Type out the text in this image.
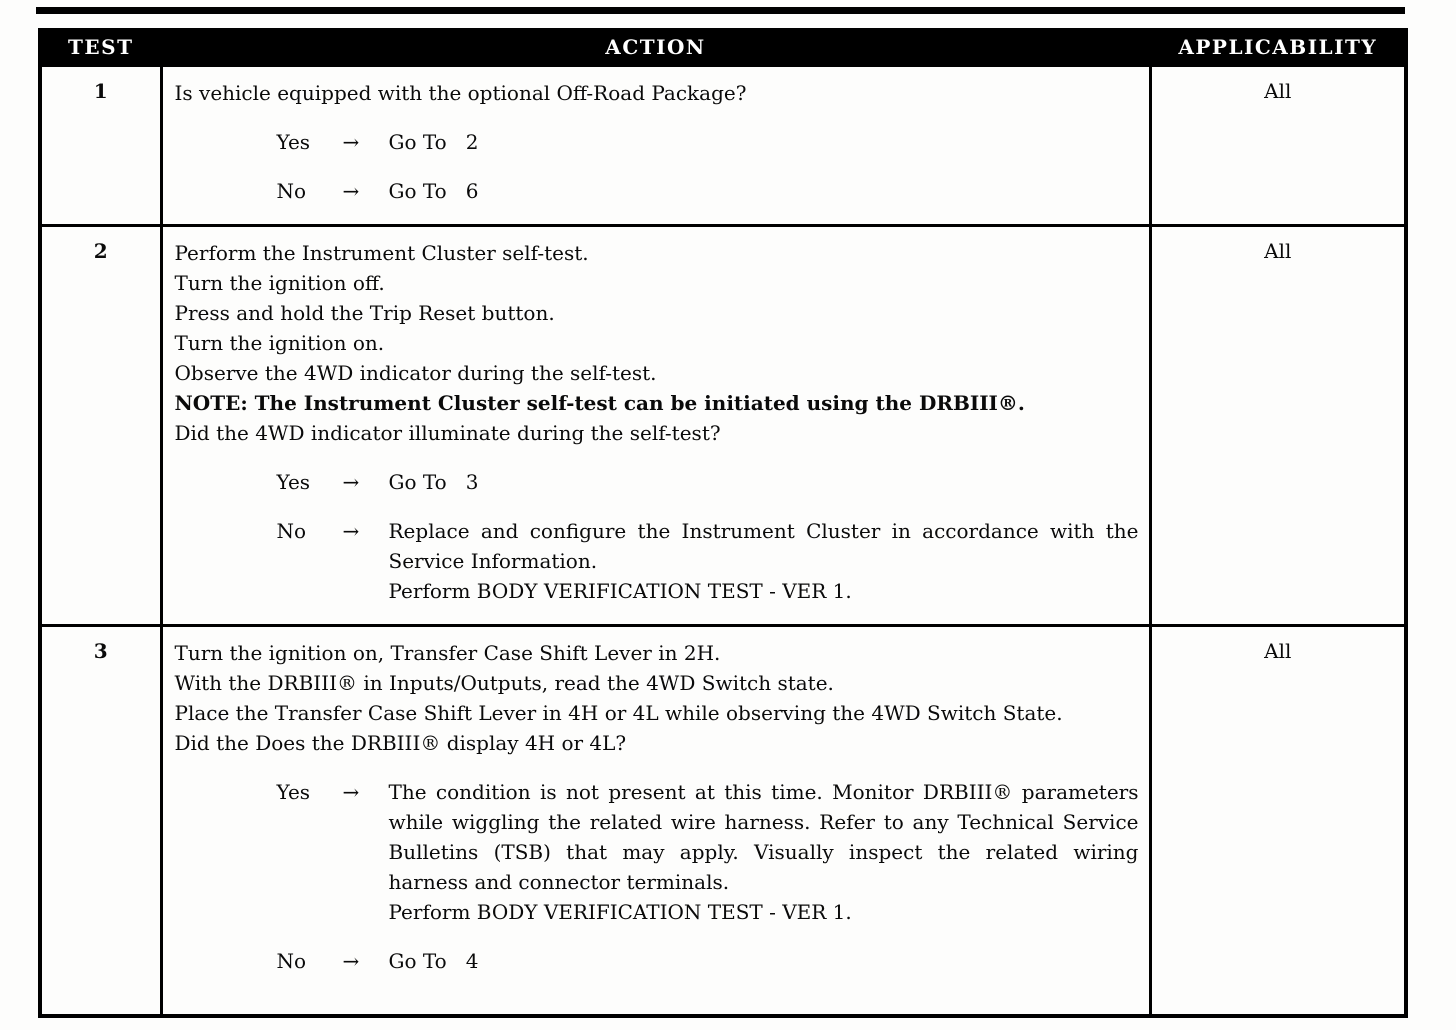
TEST	ACTION	APPLICABILITY
1	Is vehicle equipped with the optional Off-Road Package?
Yes	→	Go To   2
No	→	Go To   6
	All
2	Perform the Instrument Cluster self-test.
Turn the ignition off.
Press and hold the Trip Reset button.
Turn the ignition on.
Observe the 4WD indicator during the self-test.
NOTE: The Instrument Cluster self-test can be initiated using the DRBIII®.
Did the 4WD indicator illuminate during the self-test?
Yes	→	Go To   3
No	→	Replace and configure the Instrument Cluster in accordance with the Service Information.
Perform BODY VERIFICATION TEST - VER 1.
	All
3	Turn the ignition on, Transfer Case Shift Lever in 2H.
With the DRBIII® in Inputs/Outputs, read the 4WD Switch state.
Place the Transfer Case Shift Lever in 4H or 4L while observing the 4WD Switch State.
Did the Does the DRBIII® display 4H or 4L?
Yes	→	The condition is not present at this time. Monitor DRBIII® parameters while wiggling the related wire harness. Refer to any Technical Service Bulletins (TSB) that may apply. Visually inspect the related wiring harness and connector terminals.
Perform BODY VERIFICATION TEST - VER 1.
No	→	Go To   4
	All
